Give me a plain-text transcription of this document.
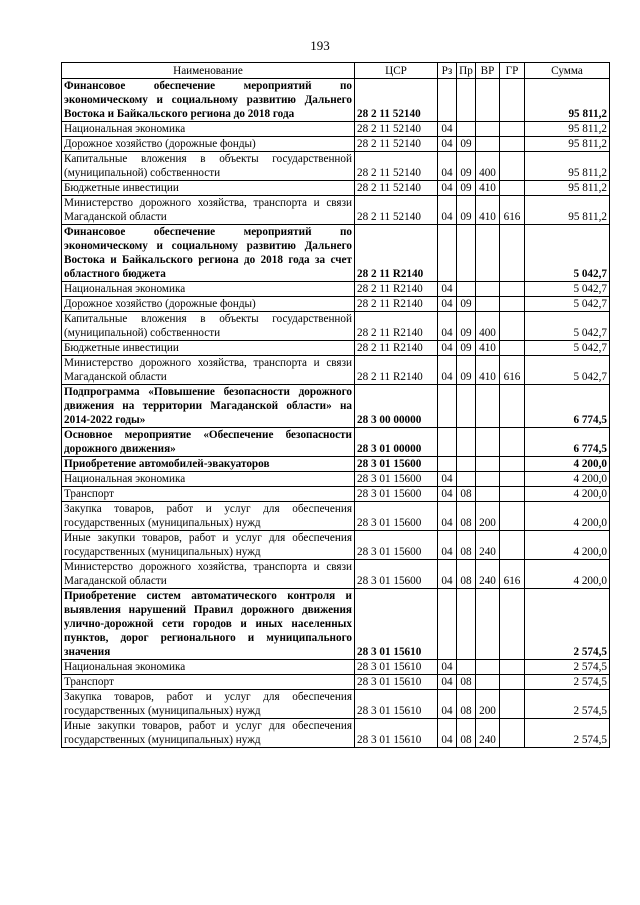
193
Наименование	ЦСР	Рз	Пр	ВР	ГР	Сумма
Финансовое обеспечение мероприятий по экономическому и социальному развитию Дальнего Востока и Байкальского региона до 2018 года	28 2 11 52140					95 811,2
Национальная экономика	28 2 11 52140	04				95 811,2
Дорожное хозяйство (дорожные фонды)	28 2 11 52140	04	09			95 811,2
Капитальные вложения в объекты государственной (муниципальной) собственности	28 2 11 52140	04	09	400		95 811,2
Бюджетные инвестиции	28 2 11 52140	04	09	410		95 811,2
Министерство дорожного хозяйства, транспорта и связи Магаданской области	28 2 11 52140	04	09	410	616	95 811,2
Финансовое обеспечение мероприятий по экономическому и социальному развитию Дальнего Востока и Байкальского региона до 2018 года за счет областного бюджета	28 2 11 R2140					5 042,7
Национальная экономика	28 2 11 R2140	04				5 042,7
Дорожное хозяйство (дорожные фонды)	28 2 11 R2140	04	09			5 042,7
Капитальные вложения в объекты государственной (муниципальной) собственности	28 2 11 R2140	04	09	400		5 042,7
Бюджетные инвестиции	28 2 11 R2140	04	09	410		5 042,7
Министерство дорожного хозяйства, транспорта и связи Магаданской области	28 2 11 R2140	04	09	410	616	5 042,7
Подпрограмма «Повышение безопасности дорожного движения на территории Магаданской области» на 2014-2022 годы»	28 3 00 00000					6 774,5
Основное мероприятие «Обеспечение безопасности дорожного движения»	28 3 01 00000					6 774,5
Приобретение автомобилей-эвакуаторов	28 3 01 15600					4 200,0
Национальная экономика	28 3 01 15600	04				4 200,0
Транспорт	28 3 01 15600	04	08			4 200,0
Закупка товаров, работ и услуг для обеспечения государственных (муниципальных) нужд	28 3 01 15600	04	08	200		4 200,0
Иные закупки товаров, работ и услуг для обеспечения государственных (муниципальных) нужд	28 3 01 15600	04	08	240		4 200,0
Министерство дорожного хозяйства, транспорта и связи Магаданской области	28 3 01 15600	04	08	240	616	4 200,0
Приобретение систем автоматического контроля и выявления нарушений Правил дорожного движения улично-дорожной сети городов и иных населенных пунктов, дорог регионального и муниципального значения	28 3 01 15610					2 574,5
Национальная экономика	28 3 01 15610	04				2 574,5
Транспорт	28 3 01 15610	04	08			2 574,5
Закупка товаров, работ и услуг для обеспечения государственных (муниципальных) нужд	28 3 01 15610	04	08	200		2 574,5
Иные закупки товаров, работ и услуг для обеспечения государственных (муниципальных) нужд	28 3 01 15610	04	08	240		2 574,5
